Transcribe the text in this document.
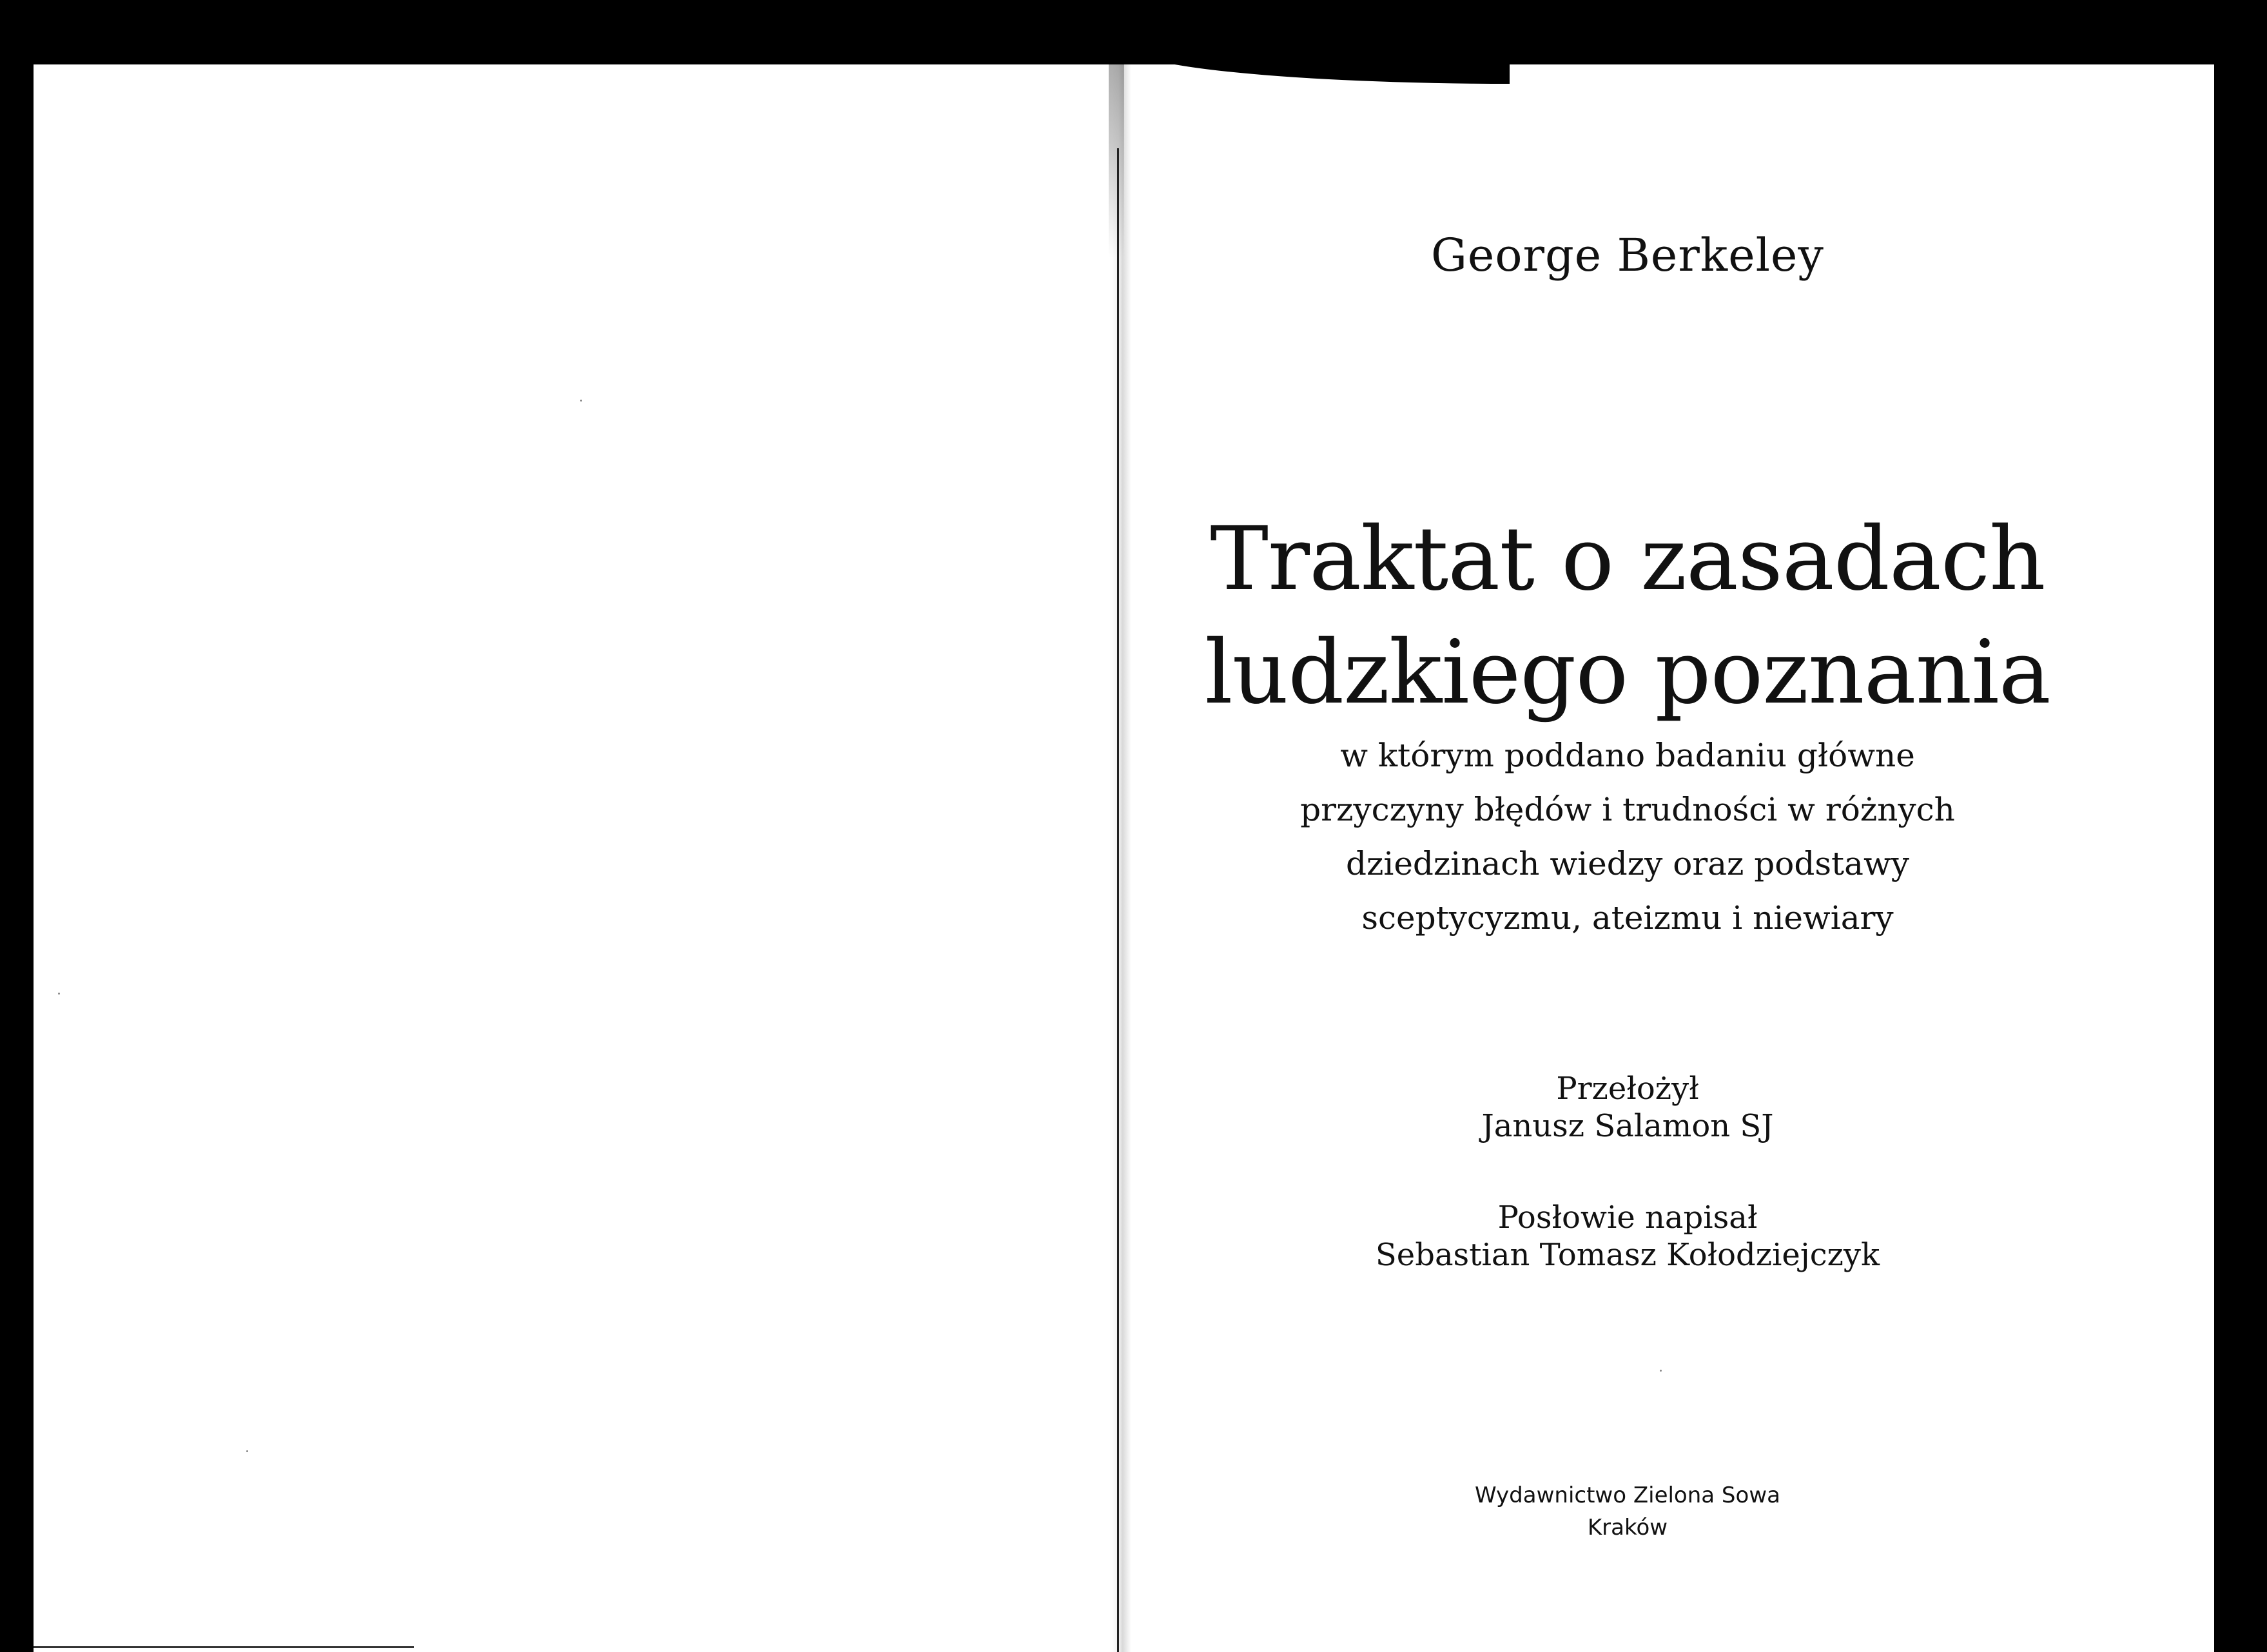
George Berkeley
Traktat o zasadach
ludzkiego poznania
w którym poddano badaniu główne
przyczyny błędów i trudności w różnych
dziedzinach wiedzy oraz podstawy
sceptycyzmu, ateizmu i niewiary
Przełożył
Janusz Salamon SJ
Posłowie napisał
Sebastian Tomasz Kołodziejczyk
Wydawnictwo Zielona Sowa
Kraków
